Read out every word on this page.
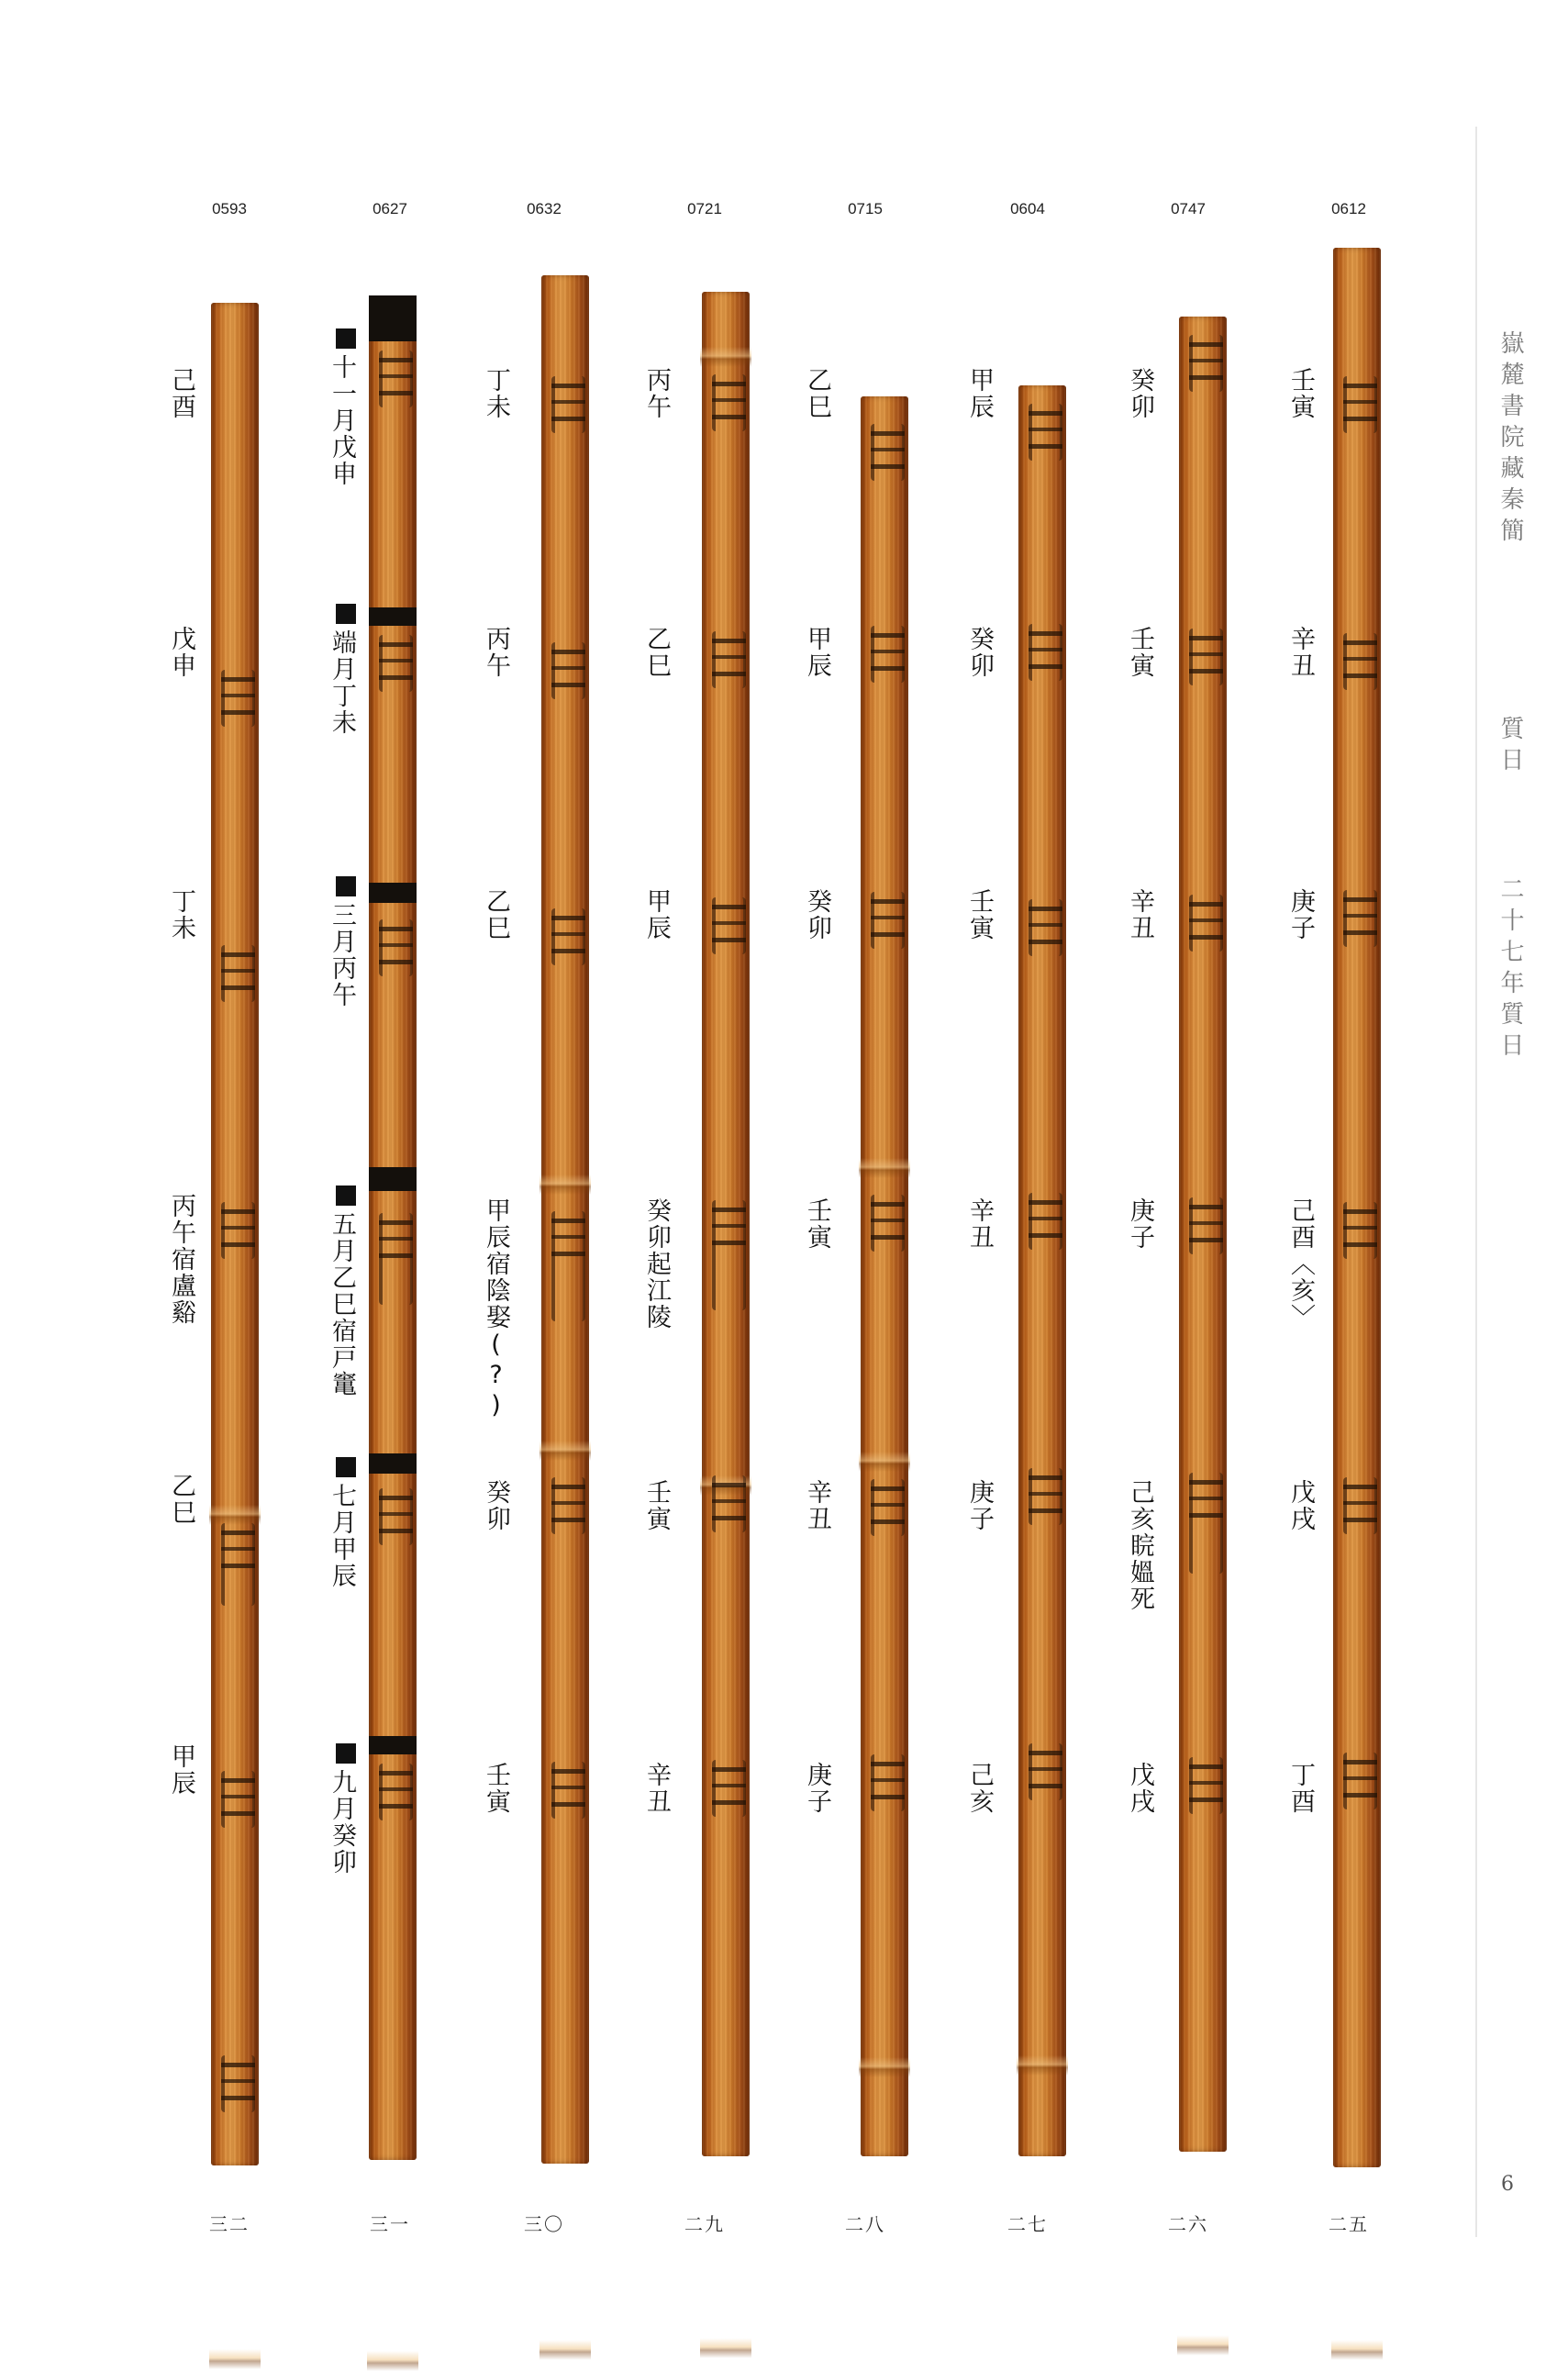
嶽麓書院藏秦簡
質日
二十七年質日
6
0593
己酉
戊申
丁未
丙午宿盧谿
乙巳
甲辰
三二
0627
十一月戊申
端月丁未
三月丙午
五月乙巳宿戸竃
七月甲辰
九月癸卯
三一
0632
丁未
丙午
乙巳
甲辰宿陰娶(?)
癸卯
壬寅
三〇
0721
丙午
乙巳
甲辰
癸卯起江陵
壬寅
辛丑
二九
0715
乙巳
甲辰
癸卯
壬寅
辛丑
庚子
二八
0604
甲辰
癸卯
壬寅
辛丑
庚子
己亥
二七
0747
癸卯
壬寅
辛丑
庚子
己亥睆媼死
戊戌
二六
0612
壬寅
辛丑
庚子
己酉〈亥〉
戊戌
丁酉
二五
